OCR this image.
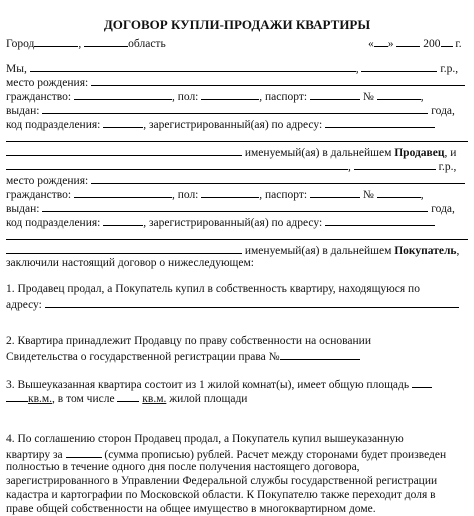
ДОГОВОР КУПЛИ-ПРОДАЖИ КВАРТИРЫ
Город	,	область	« »	200 г.
Мы,	,	г.р.,
место рождения:
гражданство:	, пол:	, паспорт:	№	,
выдан:	года,
код подразделения:	, зарегистрированный(ая) по адресу:
именуемый(ая) в дальнейшем Продавец, и
,	г.р.,
место рождения:
гражданство:	, пол:	, паспорт:	№	,
выдан:	года,
код подразделения:	, зарегистрированный(ая) по адресу:
именуемый(ая) в дальнейшем Покупатель,
заключили настоящий договор о нижеследующем:
1. Продавец продал, а Покупатель купил в собственность квартиру, находящуюся по
адресу:
2. Квартира принадлежит Продавцу по праву собственности на основании
Свидетельства о государственной регистрации права №
3. Вышеуказанная квартира состоит из 1 жилой комнат(ы), имеет общую площадь
кв.м., в том числе кв.м. жилой площади
4. По соглашению сторон Продавец продал, а Покупатель купил вышеуказанную
квартиру за	(сумма прописью) рублей. Расчет между сторонами будет произведен
полностью в течение одного дня после получения настоящего договора,
зарегистрированного в Управлении Федеральной службы государственной регистрации
кадастра и картографии по Московской области. К Покупателю также переходит доля в
праве общей собственности на общее имущество в многоквартирном доме.
